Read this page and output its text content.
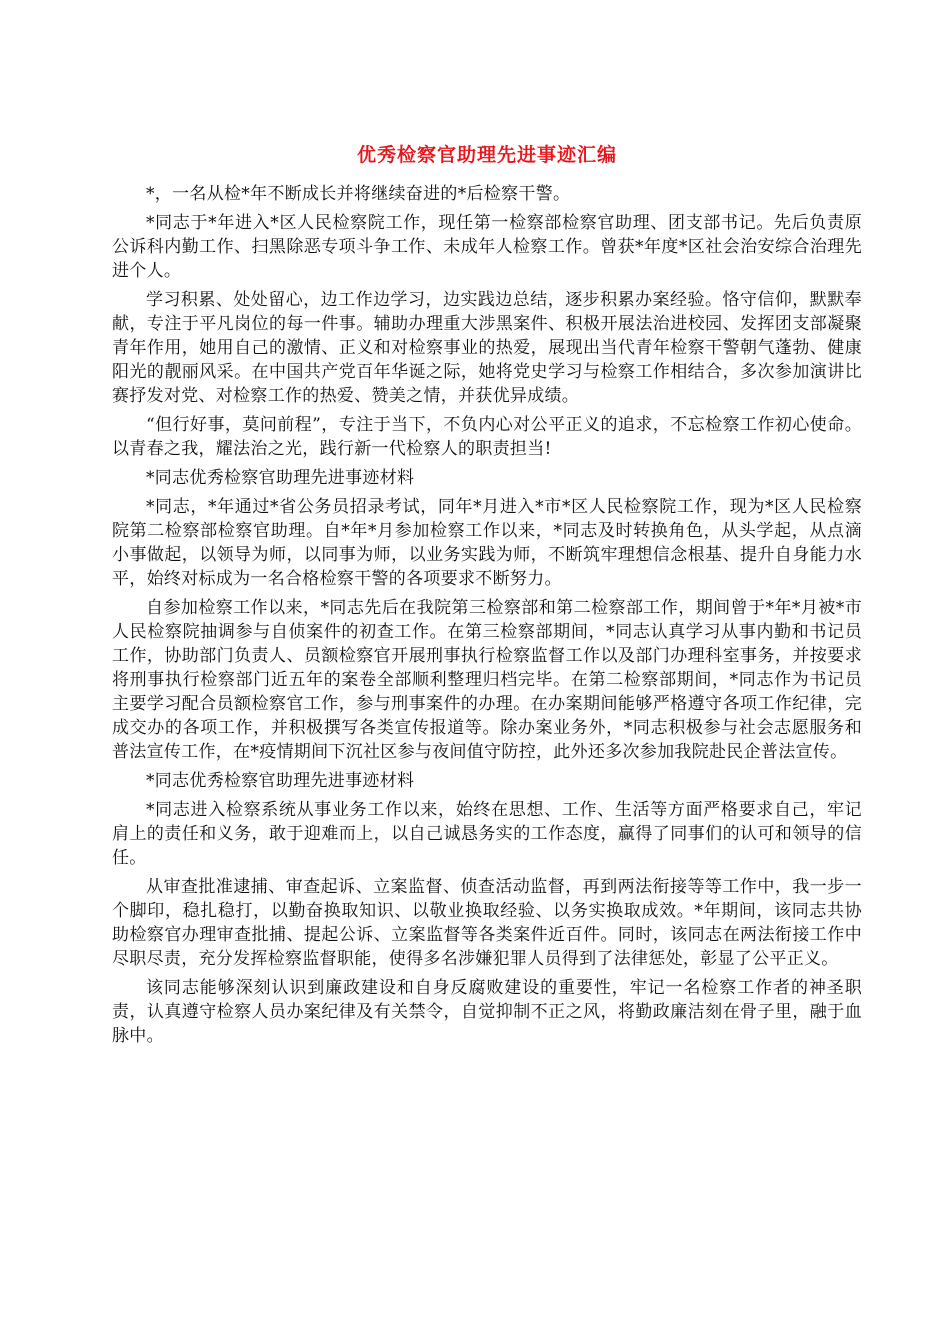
优秀检察官助理先进事迹汇编

*，一名从检*年不断成长并将继续奋进的*后检察干警。

*同志于*年进入*区人民检察院工作，现任第一检察部检察官助理、团支部书记。先后负责原公诉科内勤工作、扫黑除恶专项斗争工作、未成年人检察工作。曾获*年度*区社会治安综合治理先进个人。

学习积累、处处留心，边工作边学习，边实践边总结，逐步积累办案经验。恪守信仰，默默奉献，专注于平凡岗位的每一件事。辅助办理重大涉黑案件、积极开展法治进校园、发挥团支部凝聚青年作用，她用自己的激情、正义和对检察事业的热爱，展现出当代青年检察干警朝气蓬勃、健康阳光的靓丽风采。在中国共产党百年华诞之际，她将党史学习与检察工作相结合，多次参加演讲比赛抒发对党、对检察工作的热爱、赞美之情，并获优异成绩。

“但行好事，莫问前程”，专注于当下，不负内心对公平正义的追求，不忘检察工作初心使命。以青春之我，耀法治之光，践行新一代检察人的职责担当!

*同志优秀检察官助理先进事迹材料

*同志，*年通过*省公务员招录考试，同年*月进入*市*区人民检察院工作，现为*区人民检察院第二检察部检察官助理。自*年*月参加检察工作以来，*同志及时转换角色，从头学起，从点滴小事做起，以领导为师，以同事为师，以业务实践为师，不断筑牢理想信念根基、提升自身能力水平，始终对标成为一名合格检察干警的各项要求不断努力。

自参加检察工作以来，*同志先后在我院第三检察部和第二检察部工作，期间曾于*年*月被*市人民检察院抽调参与自侦案件的初查工作。在第三检察部期间，*同志认真学习从事内勤和书记员工作，协助部门负责人、员额检察官开展刑事执行检察监督工作以及部门办理科室事务，并按要求将刑事执行检察部门近五年的案卷全部顺利整理归档完毕。在第二检察部期间，*同志作为书记员主要学习配合员额检察官工作，参与刑事案件的办理。在办案期间能够严格遵守各项工作纪律，完成交办的各项工作，并积极撰写各类宣传报道等。除办案业务外，*同志积极参与社会志愿服务和普法宣传工作，在*疫情期间下沉社区参与夜间值守防控，此外还多次参加我院赴民企普法宣传。

*同志优秀检察官助理先进事迹材料

*同志进入检察系统从事业务工作以来，始终在思想、工作、生活等方面严格要求自己，牢记肩上的责任和义务，敢于迎难而上，以自己诚恳务实的工作态度，赢得了同事们的认可和领导的信任。

从审查批准逮捕、审查起诉、立案监督、侦查活动监督，再到两法衔接等等工作中，我一步一个脚印，稳扎稳打，以勤奋换取知识、以敬业换取经验、以务实换取成效。*年期间，该同志共协助检察官办理审查批捕、提起公诉、立案监督等各类案件近百件。同时，该同志在两法衔接工作中尽职尽责，充分发挥检察监督职能，使得多名涉嫌犯罪人员得到了法律惩处，彰显了公平正义。

该同志能够深刻认识到廉政建设和自身反腐败建设的重要性，牢记一名检察工作者的神圣职责，认真遵守检察人员办案纪律及有关禁令，自觉抑制不正之风，将勤政廉洁刻在骨子里，融于血脉中。
